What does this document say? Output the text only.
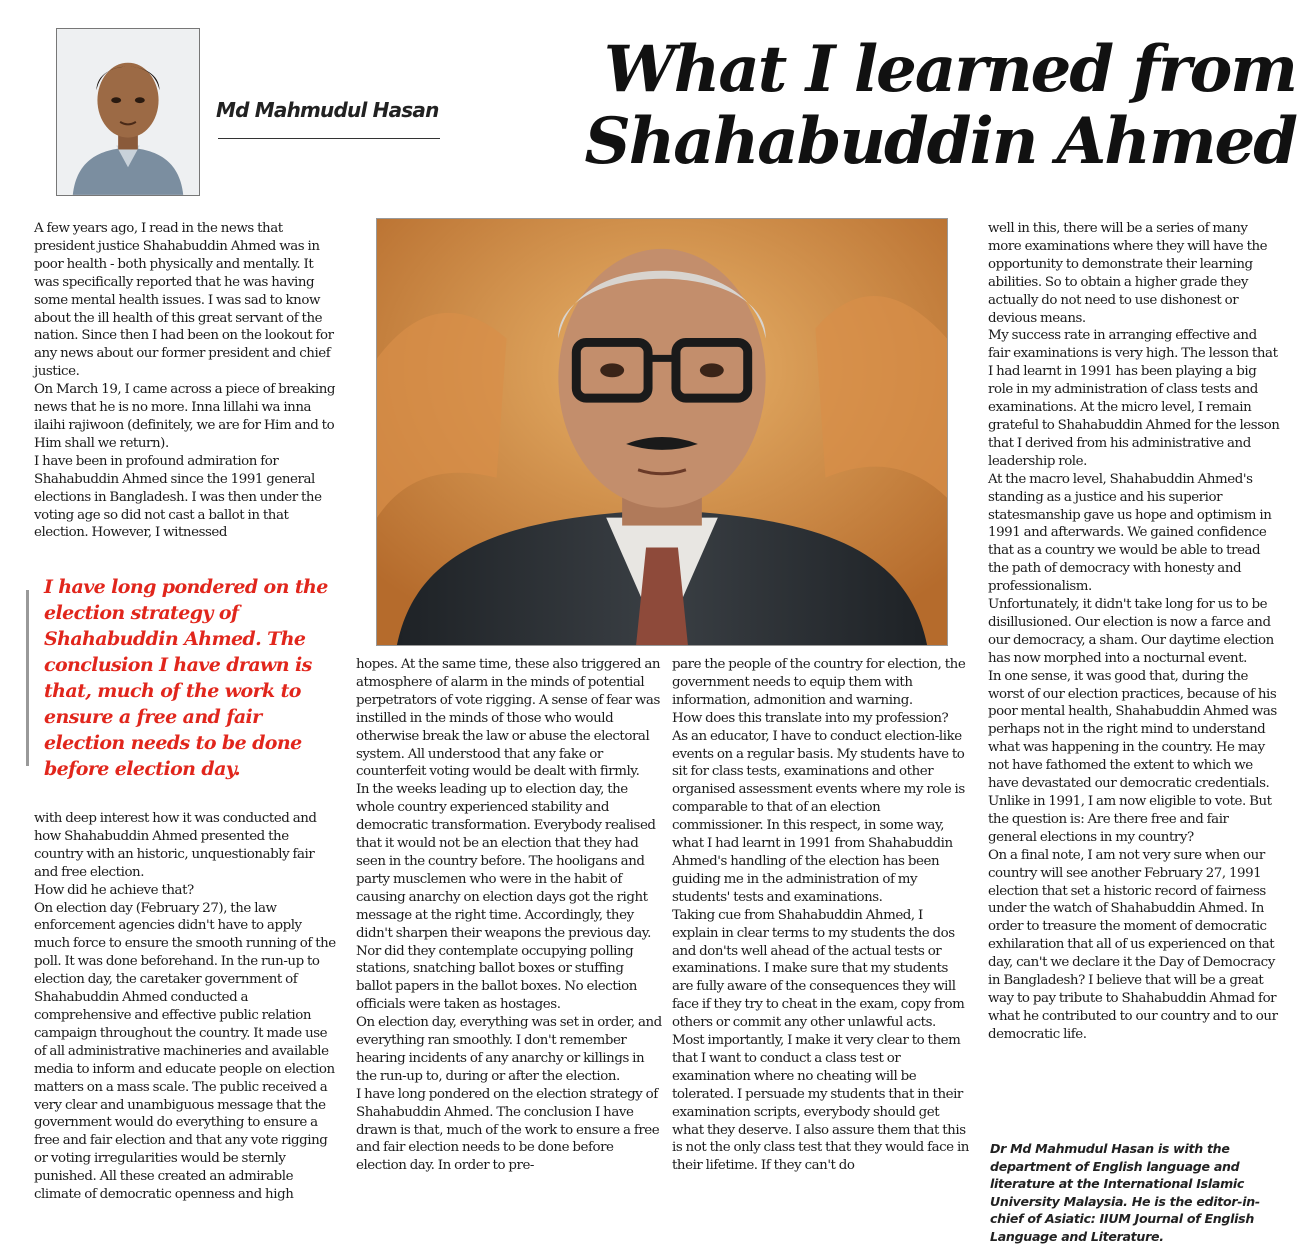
Md Mahmudul Hasan
What I learned from
Shahabuddin Ahmed

A few years ago, I read in the news that president justice Shahabuddin Ahmed was in poor health - both physically and mentally. It was specifically reported that he was having some mental health issues. I was sad to know about the ill health of this great servant of the nation. Since then I had been on the lookout for any news about our former president and chief justice.

On March 19, I came across a piece of breaking news that he is no more. Inna lillahi wa inna ilaihi rajiwoon (definitely, we are for Him and to Him shall we return).

I have been in profound admiration for Shahabuddin Ahmed since the 1991 general elections in Bangladesh. I was then under the voting age so did not cast a ballot in that election. However, I witnessed

I have long pondered on the election strategy of Shahabuddin Ahmed. The conclusion I have drawn is that, much of the work to ensure a free and fair election needs to be done before election day.

with deep interest how it was conducted and how Shahabuddin Ahmed presented the country with an historic, unquestionably fair and free election.

How did he achieve that?

On election day (February 27), the law enforcement agencies didn't have to apply much force to ensure the smooth running of the poll. It was done beforehand. In the run-up to election day, the caretaker government of Shahabuddin Ahmed conducted a comprehensive and effective public relation campaign throughout the country. It made use of all administrative machineries and available media to inform and educate people on election matters on a mass scale. The public received a very clear and unambiguous message that the government would do everything to ensure a free and fair election and that any vote rigging or voting irregularities would be sternly punished. All these created an admirable climate of democratic openness and high

hopes. At the same time, these also triggered an atmosphere of alarm in the minds of potential perpetrators of vote rigging. A sense of fear was instilled in the minds of those who would otherwise break the law or abuse the electoral system. All understood that any fake or counterfeit voting would be dealt with firmly.

In the weeks leading up to election day, the whole country experienced stability and democratic transformation. Everybody realised that it would not be an election that they had seen in the country before. The hooligans and party musclemen who were in the habit of causing anarchy on election days got the right message at the right time. Accordingly, they didn't sharpen their weapons the previous day. Nor did they contemplate occupying polling stations, snatching ballot boxes or stuffing ballot papers in the ballot boxes. No election officials were taken as hostages.

On election day, everything was set in order, and everything ran smoothly. I don't remember hearing incidents of any anarchy or killings in the run-up to, during or after the election.

I have long pondered on the election strategy of Shahabuddin Ahmed. The conclusion I have drawn is that, much of the work to ensure a free and fair election needs to be done before election day. In order to pre-

pare the people of the country for election, the government needs to equip them with information, admonition and warning.

How does this translate into my profession?

As an educator, I have to conduct election-like events on a regular basis. My students have to sit for class tests, examinations and other organised assessment events where my role is comparable to that of an election commissioner. In this respect, in some way, what I had learnt in 1991 from Shahabuddin Ahmed's handling of the election has been guiding me in the administration of my students' tests and examinations.

Taking cue from Shahabuddin Ahmed, I explain in clear terms to my students the dos and don'ts well ahead of the actual tests or examinations. I make sure that my students are fully aware of the consequences they will face if they try to cheat in the exam, copy from others or commit any other unlawful acts.

Most importantly, I make it very clear to them that I want to conduct a class test or examination where no cheating will be tolerated. I persuade my students that in their examination scripts, everybody should get what they deserve. I also assure them that this is not the only class test that they would face in their lifetime. If they can't do

well in this, there will be a series of many more examinations where they will have the opportunity to demonstrate their learning abilities. So to obtain a higher grade they actually do not need to use dishonest or devious means.

My success rate in arranging effective and fair examinations is very high. The lesson that I had learnt in 1991 has been playing a big role in my administration of class tests and examinations. At the micro level, I remain grateful to Shahabuddin Ahmed for the lesson that I derived from his administrative and leadership role.

At the macro level, Shahabuddin Ahmed's standing as a justice and his superior statesmanship gave us hope and optimism in 1991 and afterwards. We gained confidence that as a country we would be able to tread the path of democracy with honesty and professionalism.

Unfortunately, it didn't take long for us to be disillusioned. Our election is now a farce and our democracy, a sham. Our daytime election has now morphed into a nocturnal event.

In one sense, it was good that, during the worst of our election practices, because of his poor mental health, Shahabuddin Ahmed was perhaps not in the right mind to understand what was happening in the country. He may not have fathomed the extent to which we have devastated our democratic credentials.

Unlike in 1991, I am now eligible to vote. But the question is: Are there free and fair general elections in my country?

On a final note, I am not very sure when our country will see another February 27, 1991 election that set a historic record of fairness under the watch of Shahabuddin Ahmed. In order to treasure the moment of democratic exhilaration that all of us experienced on that day, can't we declare it the Day of Democracy in Bangladesh? I believe that will be a great way to pay tribute to Shahabuddin Ahmad for what he contributed to our country and to our democratic life.

Dr Md Mahmudul Hasan is with the department of English language and literature at the International Islamic University Malaysia. He is the editor-in-chief of Asiatic: IIUM Journal of English Language and Literature.
